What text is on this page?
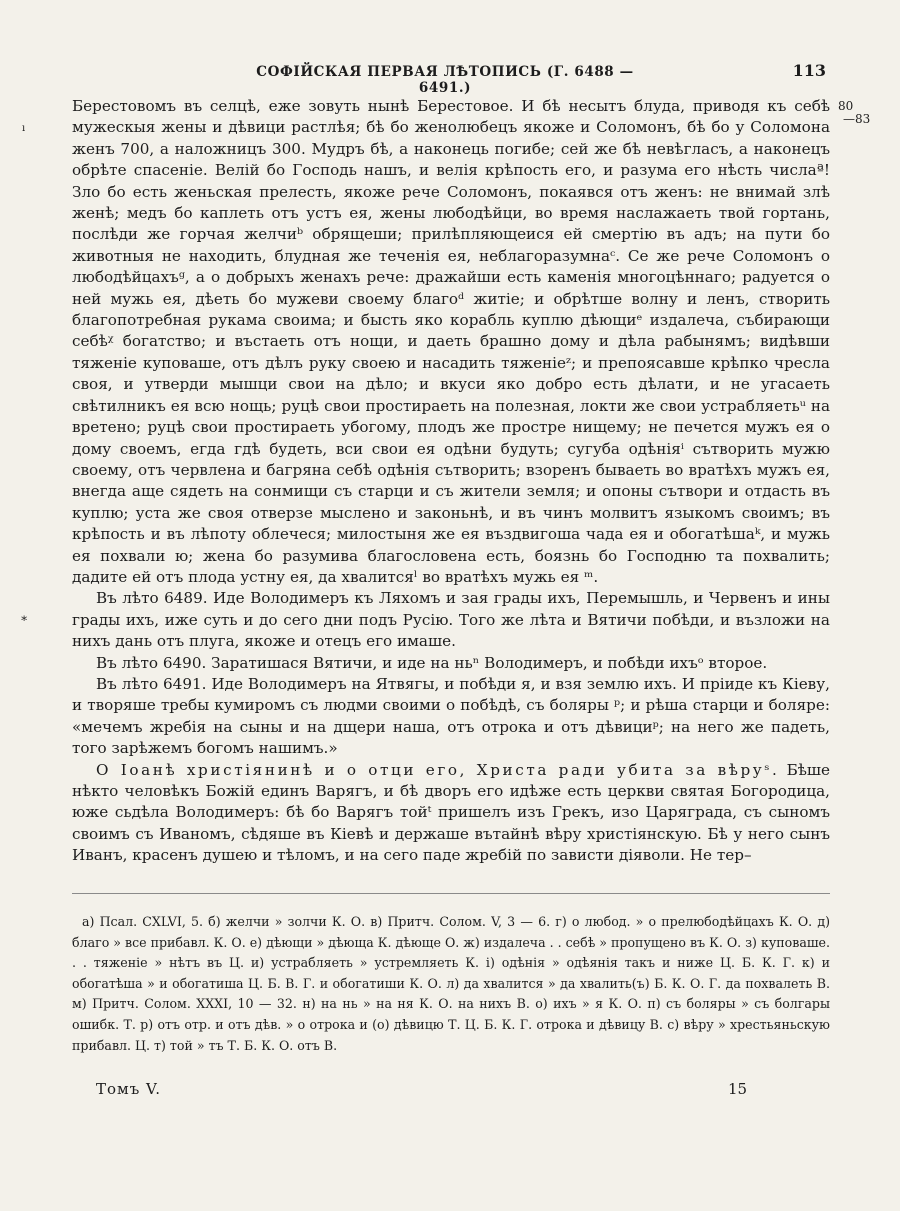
СОФІЙСКАЯ ПЕРВАЯ ЛѢТОПИСЬ (Г. 6488 — 6491.)
113
80
—83
ı
∗

Берестовомъ въ селцѣ, еже зовуть нынѣ Берестовое. И бѣ несытъ блуда, приводя къ себѣ мужескыя жены и дѣвици растлѣя; бѣ бо женолюбецъ якоже и Соломонъ, бѣ бо у Соломона женъ 700, а наложницъ 300. Мудръ бѣ, а наконець погибе; сей же бѣ невѣгласъ, а наконецъ обрѣте спасеніе. Велій бо Господь нашъ, и велія крѣпость его, и разума его нѣсть числаª! Зло бо есть женьская прелесть, якоже рече Соломонъ, покаявся отъ женъ: не внимай злѣ женѣ; медъ бо каплеть отъ устъ ея, жены любодѣйци, во время наслажаеть твой гортань, послѣди же горчая желчиᵇ обрящеши; прилѣпляющеися ей смертію въ адъ; на пути бо животныя не находить, блудная же теченія ея, неблагоразумнаᶜ. Се же рече Соломонъ о любодѣйцахъᵍ, а о добрыхъ женахъ рече: дражайши есть каменія многоцѣннаго; радуется о ней мужь ея, дѣеть бо мужеви своему благоᵈ житіе; и обрѣтше волну и ленъ, створить благопотребная рукама своима; и бысть яко корабль куплю дѣющиᵉ издалеча, събирающи себѣᵡ богатство; и въстаеть отъ нощи, и даеть брашно дому и дѣла рабынямъ; видѣвши тяженіе куповаше, отъ дѣлъ руку своею и насадить тяженіеᶻ; и препоясавше крѣпко чресла своя, и утверди мышци свои на дѣло; и вкуси яко добро есть дѣлати, и не угасаеть свѣтилникъ ея всю нощь; руцѣ свои простираеть на полезная, локти же свои устрабляетьᵘ на вретено; руцѣ свои простираеть убогому, плодъ же простре нищему; не печется мужъ ея о дому своемъ, егда гдѣ будеть, вси свои ея одѣни будуть; сугуба одѣніяⁱ сътворить мужю своему, отъ червлена и багряна себѣ одѣнія сътворить; взоренъ бываеть во вратѣхъ мужъ ея, внегда аще сядеть на сонмищи съ старци и съ жители земля; и опоны сътвори и отдасть въ куплю; уста же своя отверзе мыслено и законьнѣ, и въ чинъ молвитъ языкомъ своимъ; въ крѣпость и въ лѣпоту облечеся; милостыня же ея въздвигоша чада ея и обогатѣшаᵏ, и мужь ея похвали ю; жена бо разумива благословена есть, боязнь бо Господню та похвалить; дадите ей отъ плода устну ея, да хвалитсяˡ во вратѣхъ мужь ея ᵐ.

Въ лѣто 6489. Иде Володимеръ къ Ляхомъ и зая грады ихъ, Перемышль, и Червенъ и ины грады ихъ, иже суть и до сего дни подъ Русію. Того же лѣта и Вятичи побѣди, и възложи на нихъ дань отъ плуга, якоже и отецъ его имаше.

Въ лѣто 6490. Заратишася Вятичи, и иде на ньⁿ Володимеръ, и побѣди ихъᵒ второе.

Въ лѣто 6491. Иде Володимеръ на Ятвягы, и побѣди я, и взя землю ихъ. И пріиде къ Кіеву, и творяше требы кумиромъ съ людми своими о побѣдѣ, съ боляры ᵖ; и рѣша старци и боляре: «мечемъ жребія на сыны и на дщери наша, отъ отрока и отъ дѣвициᵖ; на него же падеть, того зарѣжемъ богомъ нашимъ.»

О Іоанѣ христіянинѣ и о отци его, Христа ради убита за вѣруˢ. Бѣше нѣкто человѣкъ Божій единъ Варягъ, и бѣ дворъ его идѣже есть церкви святая Богородица, юже сьдѣла Володимеръ: бѣ бо Варягъ тойᵗ пришелъ изъ Грекъ, изо Царяграда, съ сыномъ своимъ съ Иваномъ, сѣдяше въ Кіевѣ и держаше вътайнѣ вѣру христіянскую. Бѣ у него сынъ Иванъ, красенъ душею и тѣломъ, и на сего паде жребій по зависти діяволи. Не тер–

а) Псал. CXLVI, 5. б) желчи » золчи К. О. в) Притч. Солом. V, 3 — 6. г) о любод. » о прелюбодѣйцахъ К. О. д) благо » все прибавл. К. О. е) дѣющи » дѣюща К. дѣюще О. ж) издалеча . . себѣ » пропущено въ К. О. з) куповаше. . . тяженіе » нѣтъ въ Ц. и) устрабляеть » устремляеть К. і) одѣнія » одѣянія такъ и ниже Ц. Б. К. Г. к) и обогатѣша » и обогатиша Ц. Б. В. Г. и обогатиши К. О. л) да хвалится » да хвалить(ъ) Б. К. О. Г. да похвалеть В. м) Притч. Солом. XXXI, 10 — 32. н) на нь » на ня К. О. на нихъ В. о) ихъ » я К. О. п) съ боляры » съ болгары ошибк. Т. р) отъ отр. и отъ дѣв. » о отрока и (о) дѣвицю Т. Ц. Б. К. Г. отрока и дѣвицу В. с) вѣру » хрестьяньскую прибавл. Ц. т) той » тъ Т. Б. К. О. отъ В.

Томъ V.	15
